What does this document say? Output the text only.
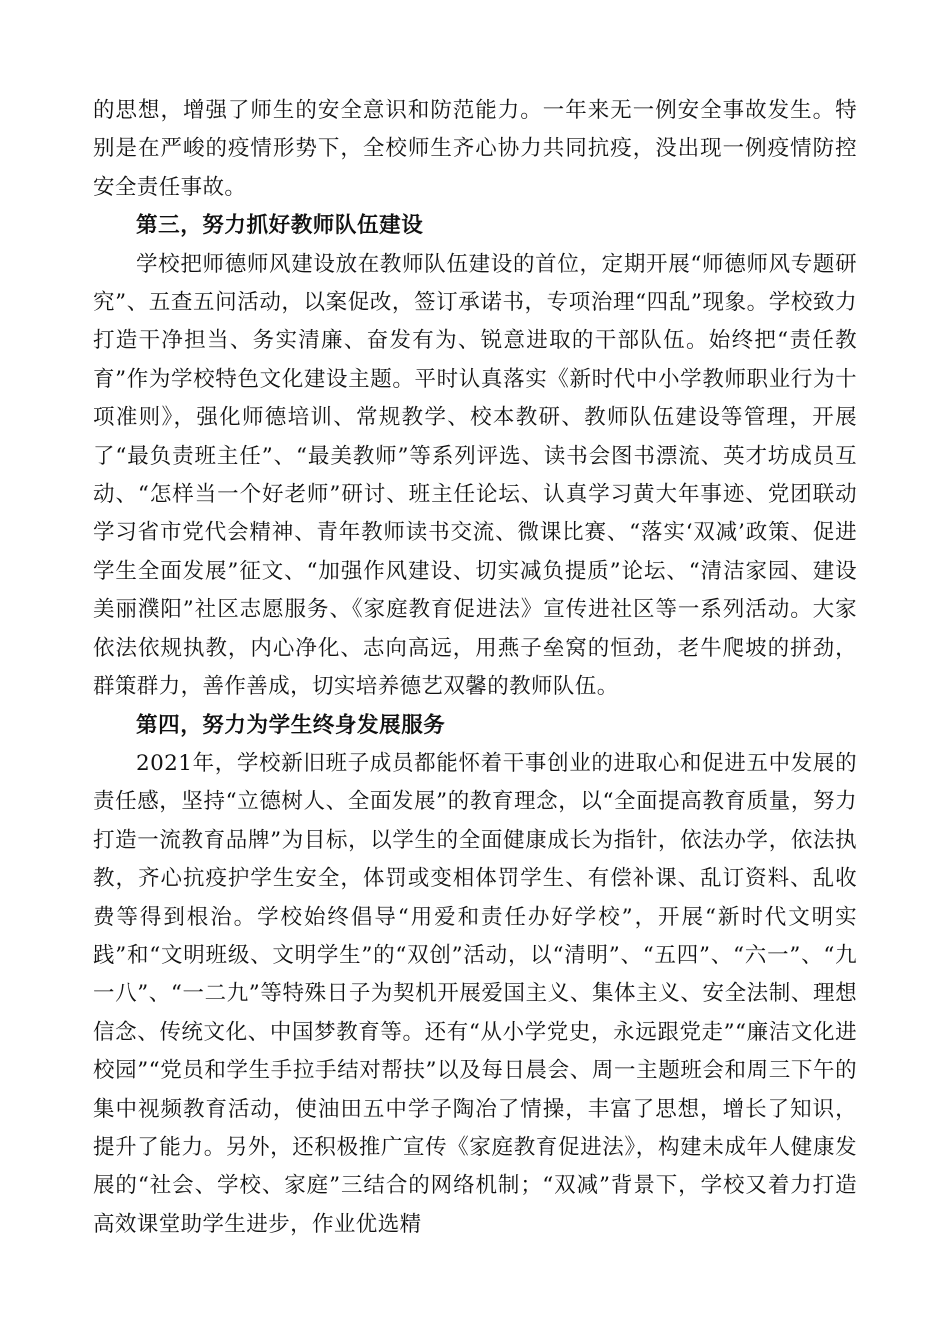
的思想，增强了师生的安全意识和防范能力。一年来无一例安全事故发生。特别是在严峻的疫情形势下，全校师生齐心协力共同抗疫，没出现一例疫情防控安全责任事故。

第三，努力抓好教师队伍建设

学校把师德师风建设放在教师队伍建设的首位，定期开展“师德师风专题研究”、五查五问活动，以案促改，签订承诺书，专项治理“四乱”现象。学校致力打造干净担当、务实清廉、奋发有为、锐意进取的干部队伍。始终把“责任教育”作为学校特色文化建设主题。平时认真落实《新时代中小学教师职业行为十项准则》，强化师德培训、常规教学、校本教研、教师队伍建设等管理，开展了“最负责班主任”、“最美教师”等系列评选、读书会图书漂流、英才坊成员互动、“怎样当一个好老师”研讨、班主任论坛、认真学习黄大年事迹、党团联动学习省市党代会精神、青年教师读书交流、微课比赛、“落实‘双减’政策、促进学生全面发展”征文、“加强作风建设、切实减负提质”论坛、“清洁家园、建设美丽濮阳”社区志愿服务、《家庭教育促进法》宣传进社区等一系列活动。大家依法依规执教，内心净化、志向高远，用燕子垒窝的恒劲，老牛爬坡的拼劲，群策群力，善作善成，切实培养德艺双馨的教师队伍。

第四，努力为学生终身发展服务

2021年，学校新旧班子成员都能怀着干事创业的进取心和促进五中发展的责任感，坚持“立德树人、全面发展”的教育理念，以“全面提高教育质量，努力打造一流教育品牌”为目标，以学生的全面健康成长为指针，依法办学，依法执教，齐心抗疫护学生安全，体罚或变相体罚学生、有偿补课、乱订资料、乱收费等得到根治。学校始终倡导“用爱和责任办好学校”，开展“新时代文明实践”和“文明班级、文明学生”的“双创”活动，以“清明”、“五四”、“六一”、“九一八”、“一二九”等特殊日子为契机开展爱国主义、集体主义、安全法制、理想信念、传统文化、中国梦教育等。还有“从小学党史，永远跟党走”“廉洁文化进校园”“党员和学生手拉手结对帮扶”以及每日晨会、周一主题班会和周三下午的集中视频教育活动，使油田五中学子陶冶了情操，丰富了思想，增长了知识，提升了能力。另外，还积极推广宣传《家庭教育促进法》，构建未成年人健康发展的“社会、学校、家庭”三结合的网络机制；“双减”背景下，学校又着力打造高效课堂助学生进步，作业优选精
